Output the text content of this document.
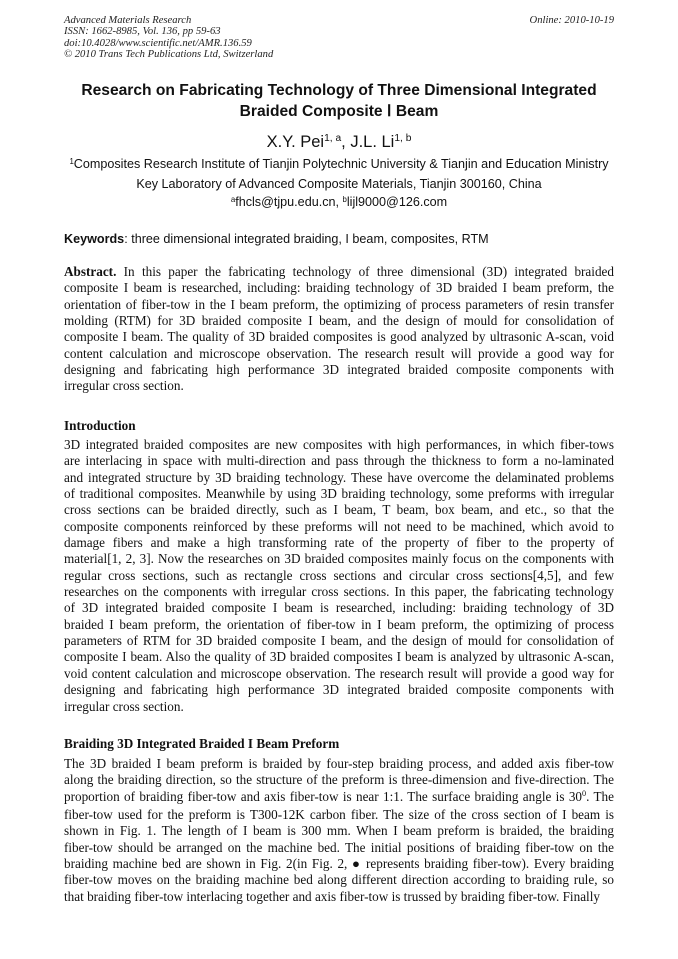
Advanced Materials Research
ISSN: 1662-8985, Vol. 136, pp 59-63
doi:10.4028/www.scientific.net/AMR.136.59
© 2010 Trans Tech Publications Ltd, Switzerland
Online: 2010-10-19
Research on Fabricating Technology of Three Dimensional Integrated
Braided Composite Ⅰ Beam
X.Y. Pei$^{1, a}$, J.L. Li$^{1, b}$
$^1$Composites Research Institute of Tianjin Polytechnic University & Tianjin and Education Ministry
Key Laboratory of Advanced Composite Materials, Tianjin 300160, China
$^a$fhcls@tjpu.edu.cn, $^b$lijl9000@126.com
Keywords: three dimensional integrated braiding, I beam, composites, RTM
Abstract. In this paper the fabricating technology of three dimensional (3D) integrated braided
composite I beam is researched, including: braiding technology of 3D braided I beam preform, the
orientation of fiber-tow in the I beam preform, the optimizing of process parameters of resin transfer
molding (RTM) for 3D braided composite I beam, and the design of mould for consolidation of
composite I beam. The quality of 3D braided composites is good analyzed by ultrasonic A-scan, void
content calculation and microscope observation. The research result will provide a good way for
designing and fabricating high performance 3D integrated braided composite components with
irregular cross section.
Introduction
3D integrated braided composites are new composites with high performances, in which fiber-tows
are interlacing in space with multi-direction and pass through the thickness to form a no-laminated
and integrated structure by 3D braiding technology. These have overcome the delaminated problems
of traditional composites. Meanwhile by using 3D braiding technology, some preforms with irregular
cross sections can be braided directly, such as I beam, T beam, box beam, and etc., so that the
composite components reinforced by these preforms will not need to be machined, which avoid to
damage fibers and make a high transforming rate of the property of fiber to the property of
material[1, 2, 3]. Now the researches on 3D braided composites mainly focus on the components with
regular cross sections, such as rectangle cross sections and circular cross sections[4,5], and few
researches on the components with irregular cross sections. In this paper, the fabricating technology
of 3D integrated braided composite I beam is researched, including: braiding technology of 3D
braided I beam preform, the orientation of fiber-tow in I beam preform, the optimizing of process
parameters of RTM for 3D braided composite I beam, and the design of mould for consolidation of
composite I beam. Also the quality of 3D braided composites I beam is analyzed by ultrasonic A-scan,
void content calculation and microscope observation. The research result will provide a good way for
designing and fabricating high performance 3D integrated braided composite components with
irregular cross section.
Braiding 3D Integrated Braided I Beam Preform
The 3D braided I beam preform is braided by four-step braiding process, and added axis fiber-tow
along the braiding direction, so the structure of the preform is three-dimension and five-direction. The
proportion of braiding fiber-tow and axis fiber-tow is near 1:1. The surface braiding angle is $30^0$. The
fiber-tow used for the preform is T300-12K carbon fiber. The size of the cross section of I beam is
shown in Fig. 1. The length of I beam is 300 mm. When I beam preform is braided, the braiding
fiber-tow should be arranged on the machine bed. The initial positions of braiding fiber-tow on the
braiding machine bed are shown in Fig. 2(in Fig. 2, ● represents braiding fiber-tow). Every braiding
fiber-tow moves on the braiding machine bed along different direction according to braiding rule, so
that braiding fiber-tow interlacing together and axis fiber-tow is trussed by braiding fiber-tow. Finally
